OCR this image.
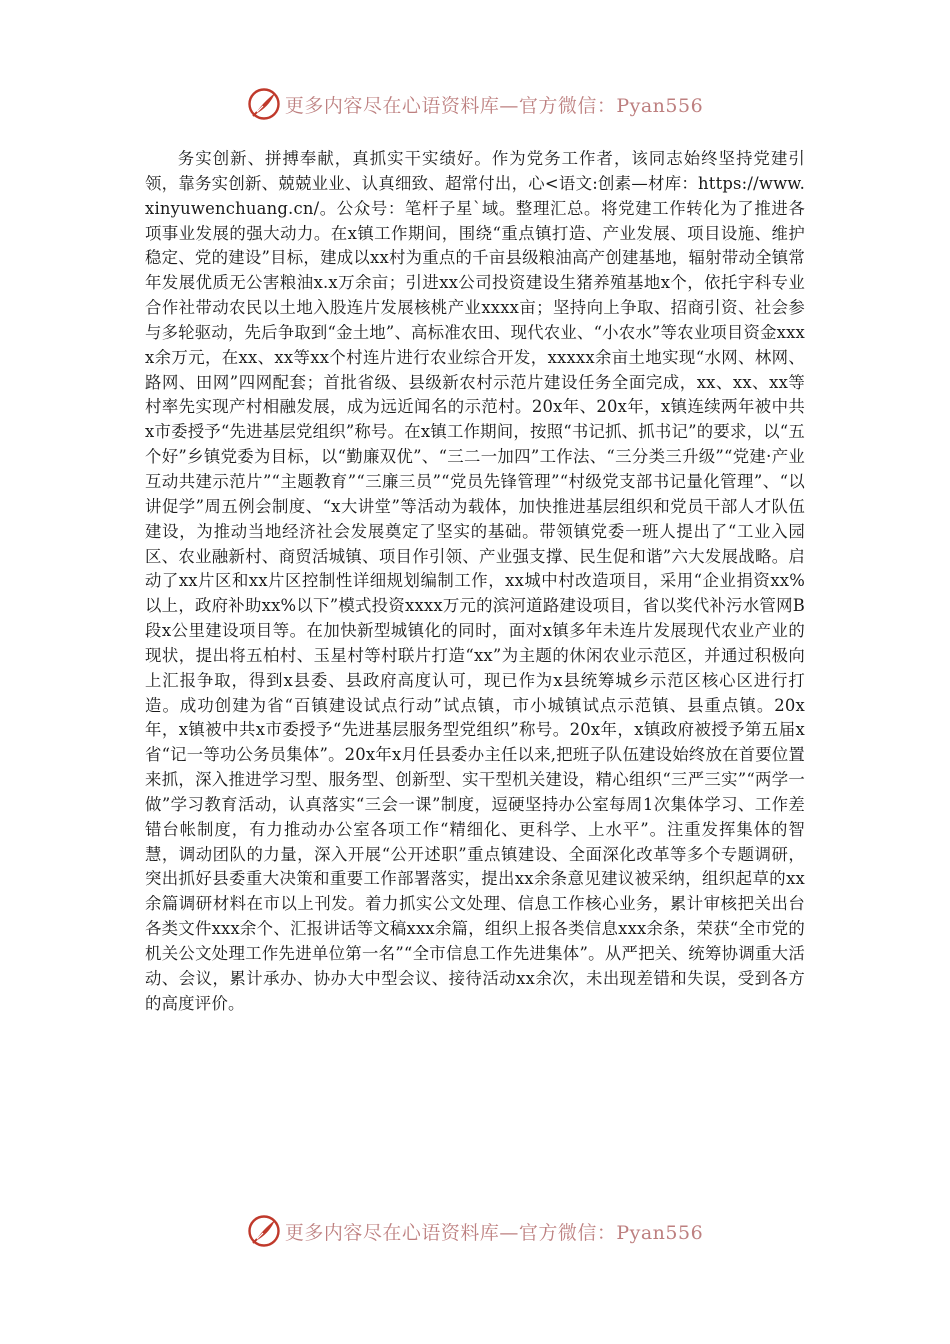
更多内容尽在心语资料库—官方微信：Pyan556

务实创新、拼搏奉献，真抓实干实绩好。作为党务工作者，该同志始终坚持党建引领，靠务实创新、兢兢业业、认真细致、超常付出，心<语文:创素—材库：https://www.xinyuwenchuang.cn/。公众号：笔杆子星`域。整理汇总。将党建工作转化为了推进各项事业发展的强大动力。在x镇工作期间，围绕“重点镇打造、产业发展、项目设施、维护稳定、党的建设”目标，建成以xx村为重点的千亩县级粮油高产创建基地，辐射带动全镇常年发展优质无公害粮油x.x万余亩；引进xx公司投资建设生猪养殖基地x个，依托宇科专业合作社带动农民以土地入股连片发展核桃产业xxxx亩；坚持向上争取、招商引资、社会参与多轮驱动，先后争取到“金土地”、高标准农田、现代农业、“小农水”等农业项目资金xxxx余万元，在xx、xx等xx个村连片进行农业综合开发，xxxxx余亩土地实现“水网、林网、路网、田网”四网配套；首批省级、县级新农村示范片建设任务全面完成，xx、xx、xx等村率先实现产村相融发展，成为远近闻名的示范村。20x年、20x年，x镇连续两年被中共x市委授予“先进基层党组织”称号。在x镇工作期间，按照“书记抓、抓书记”的要求，以“五个好”乡镇党委为目标，以“勤廉双优”、“三二一加四”工作法、“三分类三升级”“党建·产业互动共建示范片”“主题教育”“三廉三员”“党员先锋管理”“村级党支部书记量化管理”、“以讲促学”周五例会制度、“x大讲堂”等活动为载体，加快推进基层组织和党员干部人才队伍建设，为推动当地经济社会发展奠定了坚实的基础。带领镇党委一班人提出了“工业入园区、农业融新村、商贸活城镇、项目作引领、产业强支撑、民生促和谐”六大发展战略。启动了xx片区和xx片区控制性详细规划编制工作，xx城中村改造项目，采用“企业捐资xx%以上，政府补助xx%以下”模式投资xxxx万元的滨河道路建设项目，省以奖代补污水管网B段x公里建设项目等。在加快新型城镇化的同时，面对x镇多年未连片发展现代农业产业的现状，提出将五柏村、玉星村等村联片打造“xx”为主题的休闲农业示范区，并通过积极向上汇报争取，得到x县委、县政府高度认可，现已作为x县统筹城乡示范区核心区进行打造。成功创建为省“百镇建设试点行动”试点镇，市小城镇试点示范镇、县重点镇。20x年，x镇被中共x市委授予“先进基层服务型党组织”称号。20x年，x镇政府被授予第五届x省“记一等功公务员集体”。20x年x月任县委办主任以来,把班子队伍建设始终放在首要位置来抓，深入推进学习型、服务型、创新型、实干型机关建设，精心组织“三严三实”“两学一做”学习教育活动，认真落实“三会一课”制度，逗硬坚持办公室每周1次集体学习、工作差错台帐制度，有力推动办公室各项工作“精细化、更科学、上水平”。注重发挥集体的智慧，调动团队的力量，深入开展“公开述职”重点镇建设、全面深化改革等多个专题调研，突出抓好县委重大决策和重要工作部署落实，提出xx余条意见建议被采纳，组织起草的xx余篇调研材料在市以上刊发。着力抓实公文处理、信息工作核心业务，累计审核把关出台各类文件xxx余个、汇报讲话等文稿xxx余篇，组织上报各类信息xxx余条，荣获“全市党的机关公文处理工作先进单位第一名”“全市信息工作先进集体”。从严把关、统筹协调重大活动、会议，累计承办、协办大中型会议、接待活动xx余次，未出现差错和失误，受到各方的高度评价。

更多内容尽在心语资料库—官方微信：Pyan556
